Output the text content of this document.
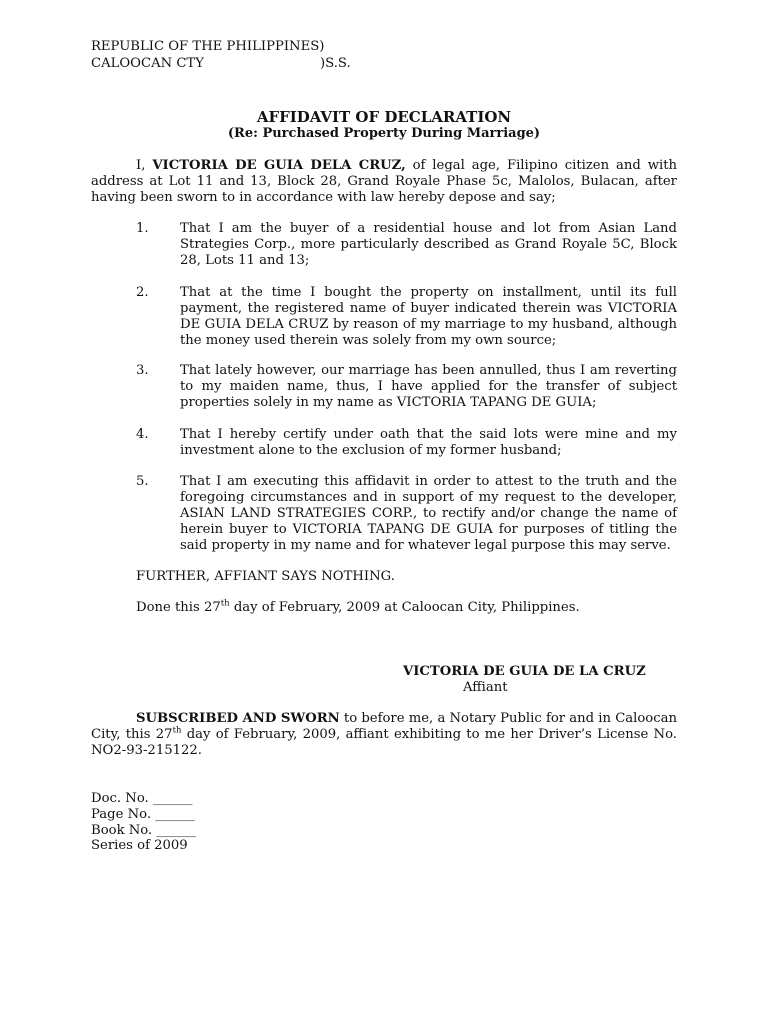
REPUBLIC OF THE PHILIPPINES)
CALOOCAN CTY	)S.S.
AFFIDAVIT OF DECLARATION
(Re: Purchased Property During Marriage)

I, VICTORIA DE GUIA DELA CRUZ, of legal age, Filipino citizen and with address at Lot 11 and 13, Block 28, Grand Royale Phase 5c, Malolos, Bulacan, after having been sworn to in accordance with law hereby depose and say;

1. That I am the buyer of a residential house and lot from Asian Land Strategies Corp., more particularly described as Grand Royale 5C, Block 28, Lots 11 and 13;

2. That at the time I bought the property on installment, until its full payment, the registered name of buyer indicated therein was VICTORIA DE GUIA DELA CRUZ by reason of my marriage to my husband, although the money used therein was solely from my own source;

3. That lately however, our marriage has been annulled, thus I am reverting to my maiden name, thus, I have applied for the transfer of subject properties solely in my name as VICTORIA TAPANG DE GUIA;

4. That I hereby certify under oath that the said lots were mine and my investment alone to the exclusion of my former husband;

5. That I am executing this affidavit in order to attest to the truth and the foregoing circumstances and in support of my request to the developer, ASIAN LAND STRATEGIES CORP., to rectify and/or change the name of herein buyer to VICTORIA TAPANG DE GUIA for purposes of titling the said property in my name and for whatever legal purpose this may serve.

FURTHER, AFFIANT SAYS NOTHING.
Done this 27th day of February, 2009 at Caloocan City, Philippines.
VICTORIA DE GUIA DE LA CRUZ
Affiant

SUBSCRIBED AND SWORN to before me, a Notary Public for and in Caloocan City, this 27th day of February, 2009, affiant exhibiting to me her Driver’s License No. NO2-93-215122.

Doc. No. ______
Page No. ______
Book No. ______
Series of 2009
